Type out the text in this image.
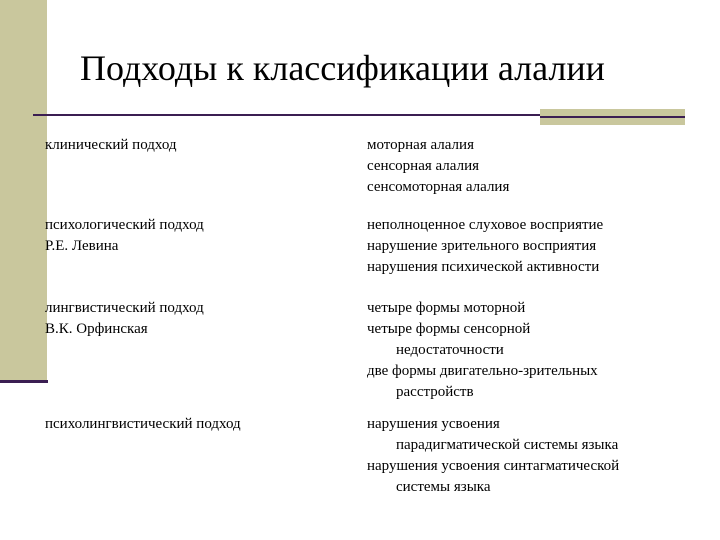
Подходы к классификации алалии
клинический подход	моторная алалия
сенсорная алалия
сенсомоторная алалия
психологический подход
Р.Е. Левина
неполноценное слуховое восприятие
нарушение зрительного восприятия
нарушения психической активности
лингвистический подход
В.К. Орфинская
четыре формы моторной
четыре формы сенсорной
недостаточности
две формы двигательно-зрительных
расстройств
психолингвистический подход	нарушения усвоения
парадигматической системы языка
нарушения усвоения синтагматической
системы языка
